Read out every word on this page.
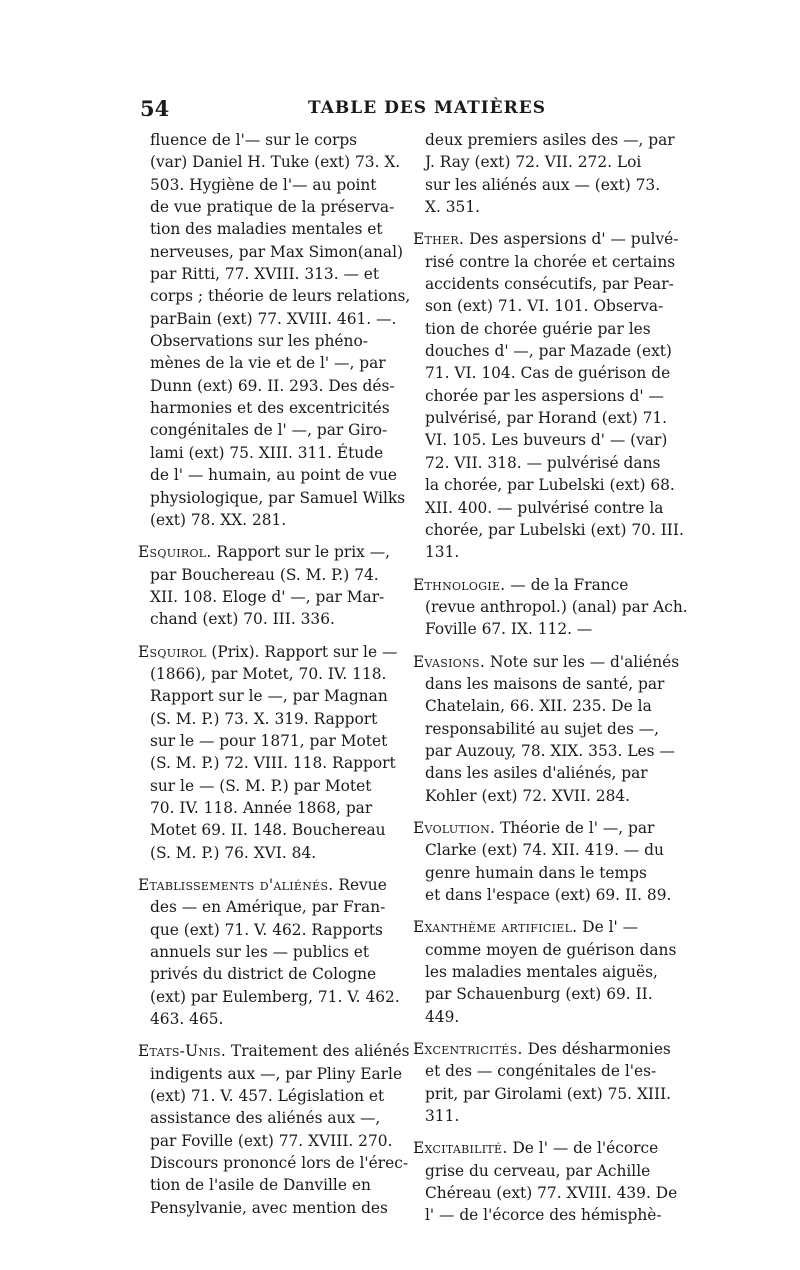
54	TABLE DES MATIÈRES
fluence de l'— sur le corps
(var) Daniel H. Tuke (ext) 73. X.
503. Hygiène de l'— au point
de vue pratique de la préserva-
tion des maladies mentales et
nerveuses, par Max Simon(anal)
par Ritti, 77. XVIII. 313. — et
corps ; théorie de leurs relations,
parBain (ext) 77. XVIII. 461. —.
Observations sur les phéno-
mènes de la vie et de l' —, par
Dunn (ext) 69. II. 293. Des dés-
harmonies et des excentricités
congénitales de l' —, par Giro-
lami (ext) 75. XIII. 311. Étude
de l' — humain, au point de vue
physiologique, par Samuel Wilks
(ext) 78. XX. 281.
Esquirol. Rapport sur le prix —,
par Bouchereau (S. M. P.) 74.
XII. 108. Eloge d' —, par Mar-
chand (ext) 70. III. 336.
Esquirol (Prix). Rapport sur le —
(1866), par Motet, 70. IV. 118.
Rapport sur le —, par Magnan
(S. M. P.) 73. X. 319. Rapport
sur le — pour 1871, par Motet
(S. M. P.) 72. VIII. 118. Rapport
sur le — (S. M. P.) par Motet
70. IV. 118. Année 1868, par
Motet 69. II. 148. Bouchereau
(S. M. P.) 76. XVI. 84.
Etablissements d'aliénés. Revue
des — en Amérique, par Fran-
que (ext) 71. V. 462. Rapports
annuels sur les — publics et
privés du district de Cologne
(ext) par Eulemberg, 71. V. 462.
463. 465.
Etats-Unis. Traitement des aliénés
indigents aux —, par Pliny Earle
(ext) 71. V. 457. Législation et
assistance des aliénés aux —,
par Foville (ext) 77. XVIII. 270.
Discours prononcé lors de l'érec-
tion de l'asile de Danville en
Pensylvanie, avec mention des
deux premiers asiles des —, par
J. Ray (ext) 72. VII. 272. Loi
sur les aliénés aux — (ext) 73.
X. 351.
Ether. Des aspersions d' — pulvé-
risé contre la chorée et certains
accidents consécutifs, par Pear-
son (ext) 71. VI. 101. Observa-
tion de chorée guérie par les
douches d' —, par Mazade (ext)
71. VI. 104. Cas de guérison de
chorée par les aspersions d' —
pulvérisé, par Horand (ext) 71.
VI. 105. Les buveurs d' — (var)
72. VII. 318. — pulvérisé dans
la chorée, par Lubelski (ext) 68.
XII. 400. — pulvérisé contre la
chorée, par Lubelski (ext) 70. III.
131.
Ethnologie. — de la France
(revue anthropol.) (anal) par Ach.
Foville 67. IX. 112. —
Evasions. Note sur les — d'aliénés
dans les maisons de santé, par
Chatelain, 66. XII. 235. De la
responsabilité au sujet des —,
par Auzouy, 78. XIX. 353. Les —
dans les asiles d'aliénés, par
Kohler (ext) 72. XVII. 284.
Evolution. Théorie de l' —, par
Clarke (ext) 74. XII. 419. — du
genre humain dans le temps
et dans l'espace (ext) 69. II. 89.
Exanthème artificiel. De l' —
comme moyen de guérison dans
les maladies mentales aiguës,
par Schauenburg (ext) 69. II.
449.
Excentricités. Des désharmonies
et des — congénitales de l'es-
prit, par Girolami (ext) 75. XIII.
311.
Excitabilité. De l' — de l'écorce
grise du cerveau, par Achille
Chéreau (ext) 77. XVIII. 439. De
l' — de l'écorce des hémisphè-
